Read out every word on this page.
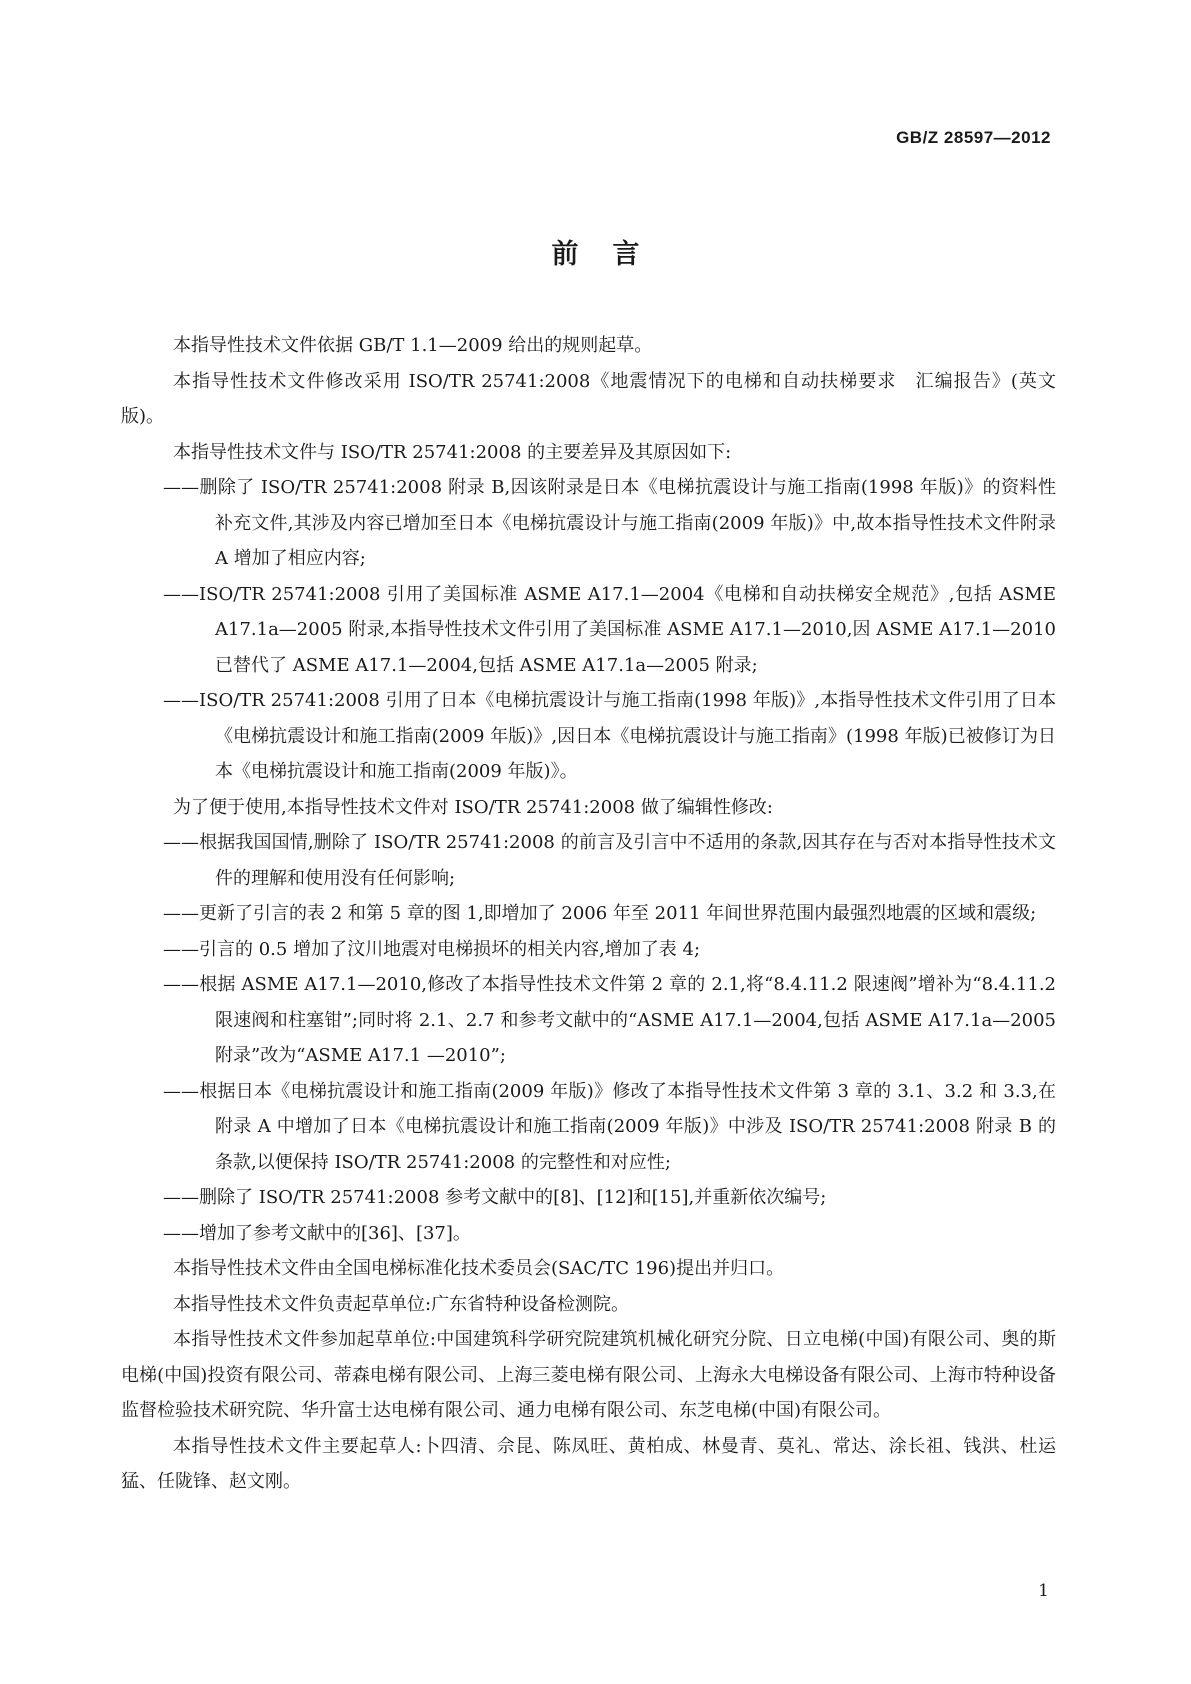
GB/Z 28597—2012
前言

本指导性技术文件依据 GB/T 1.1—2009 给出的规则起草。

本指导性技术文件修改采用 ISO/TR 25741:2008《地震情况下的电梯和自动扶梯要求　汇编报告》(英文版)。

本指导性技术文件与 ISO/TR 25741:2008 的主要差异及其原因如下:

——删除了 ISO/TR 25741:2008 附录 B,因该附录是日本《电梯抗震设计与施工指南(1998 年版)》的资料性补充文件,其涉及内容已增加至日本《电梯抗震设计与施工指南(2009 年版)》中,故本指导性技术文件附录 A 增加了相应内容;

——ISO/TR 25741:2008 引用了美国标准 ASME A17.1—2004《电梯和自动扶梯安全规范》,包括 ASME A17.1a—2005 附录,本指导性技术文件引用了美国标准 ASME A17.1—2010,因 ASME A17.1—2010 已替代了 ASME A17.1—2004,包括 ASME A17.1a—2005 附录;

——ISO/TR 25741:2008 引用了日本《电梯抗震设计与施工指南(1998 年版)》,本指导性技术文件引用了日本《电梯抗震设计和施工指南(2009 年版)》,因日本《电梯抗震设计与施工指南》(1998 年版)已被修订为日本《电梯抗震设计和施工指南(2009 年版)》。

为了便于使用,本指导性技术文件对 ISO/TR 25741:2008 做了编辑性修改:

——根据我国国情,删除了 ISO/TR 25741:2008 的前言及引言中不适用的条款,因其存在与否对本指导性技术文件的理解和使用没有任何影响;

——更新了引言的表 2 和第 5 章的图 1,即增加了 2006 年至 2011 年间世界范围内最强烈地震的区域和震级;

——引言的 0.5 增加了汶川地震对电梯损坏的相关内容,增加了表 4;

——根据 ASME A17.1—2010,修改了本指导性技术文件第 2 章的 2.1,将“8.4.11.2 限速阀”增补为“8.4.11.2 限速阀和柱塞钳”;同时将 2.1、2.7 和参考文献中的“ASME A17.1—2004,包括 ASME A17.1a—2005 附录”改为“ASME A17.1 —2010”;

——根据日本《电梯抗震设计和施工指南(2009 年版)》修改了本指导性技术文件第 3 章的 3.1、3.2 和 3.3,在附录 A 中增加了日本《电梯抗震设计和施工指南(2009 年版)》中涉及 ISO/TR 25741:2008 附录 B 的条款,以便保持 ISO/TR 25741:2008 的完整性和对应性;

——删除了 ISO/TR 25741:2008 参考文献中的[8]、[12]和[15],并重新依次编号;

——增加了参考文献中的[36]、[37]。

本指导性技术文件由全国电梯标准化技术委员会(SAC/TC 196)提出并归口。

本指导性技术文件负责起草单位:广东省特种设备检测院。

本指导性技术文件参加起草单位:中国建筑科学研究院建筑机械化研究分院、日立电梯(中国)有限公司、奥的斯电梯(中国)投资有限公司、蒂森电梯有限公司、上海三菱电梯有限公司、上海永大电梯设备有限公司、上海市特种设备监督检验技术研究院、华升富士达电梯有限公司、通力电梯有限公司、东芝电梯(中国)有限公司。

本指导性技术文件主要起草人:卜四清、佘昆、陈凤旺、黄柏成、林曼青、莫礼、常达、涂长祖、钱洪、杜运猛、任陇锋、赵文刚。

1
